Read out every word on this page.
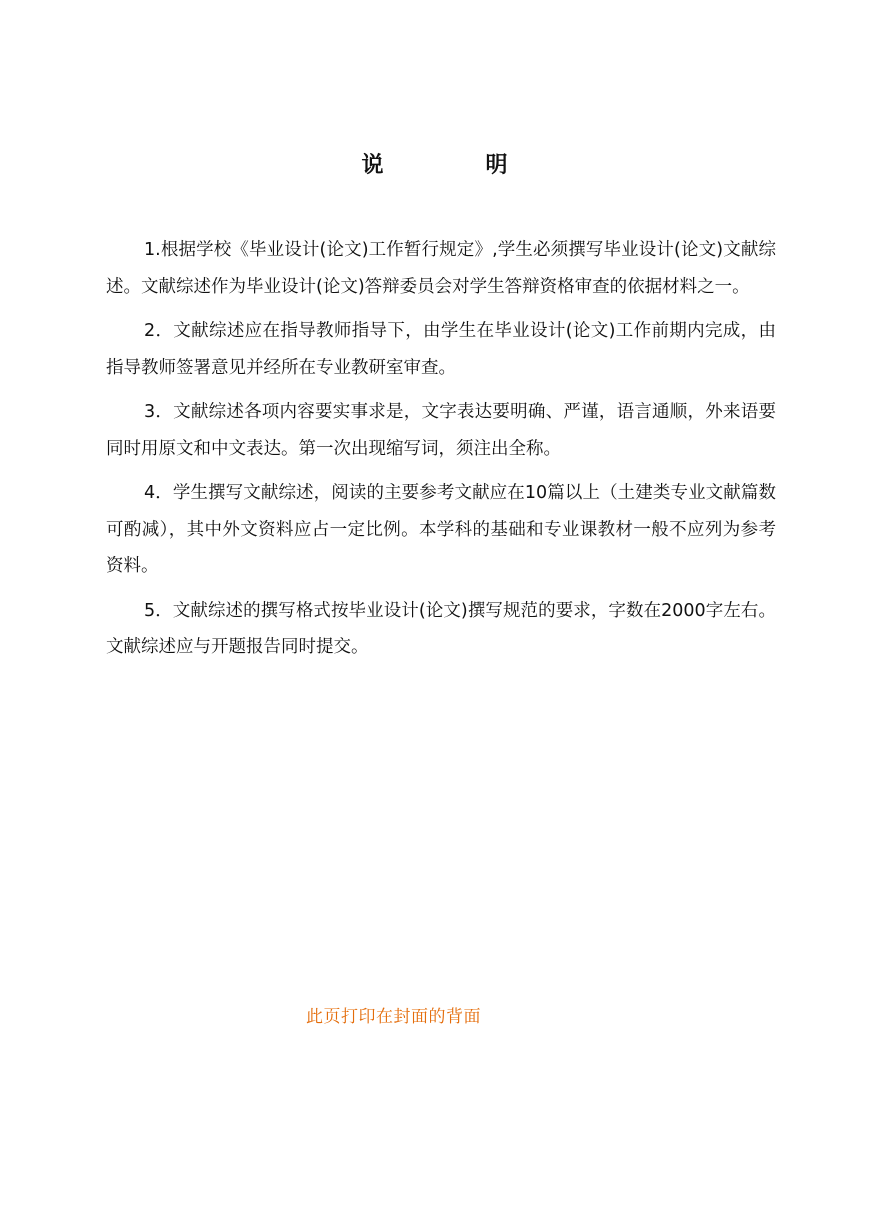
说　明

1.根据学校《毕业设计(论文)工作暂行规定》,学生必须撰写毕业设计(论文)文献综述。文献综述作为毕业设计(论文)答辩委员会对学生答辩资格审查的依据材料之一。

2．文献综述应在指导教师指导下，由学生在毕业设计(论文)工作前期内完成，由指导教师签署意见并经所在专业教研室审查。

3．文献综述各项内容要实事求是，文字表达要明确、严谨，语言通顺，外来语要同时用原文和中文表达。第一次出现缩写词，须注出全称。

4．学生撰写文献综述，阅读的主要参考文献应在10篇以上（土建类专业文献篇数可酌减），其中外文资料应占一定比例。本学科的基础和专业课教材一般不应列为参考资料。

5．文献综述的撰写格式按毕业设计(论文)撰写规范的要求，字数在2000字左右。文献综述应与开题报告同时提交。

此页打印在封面的背面
